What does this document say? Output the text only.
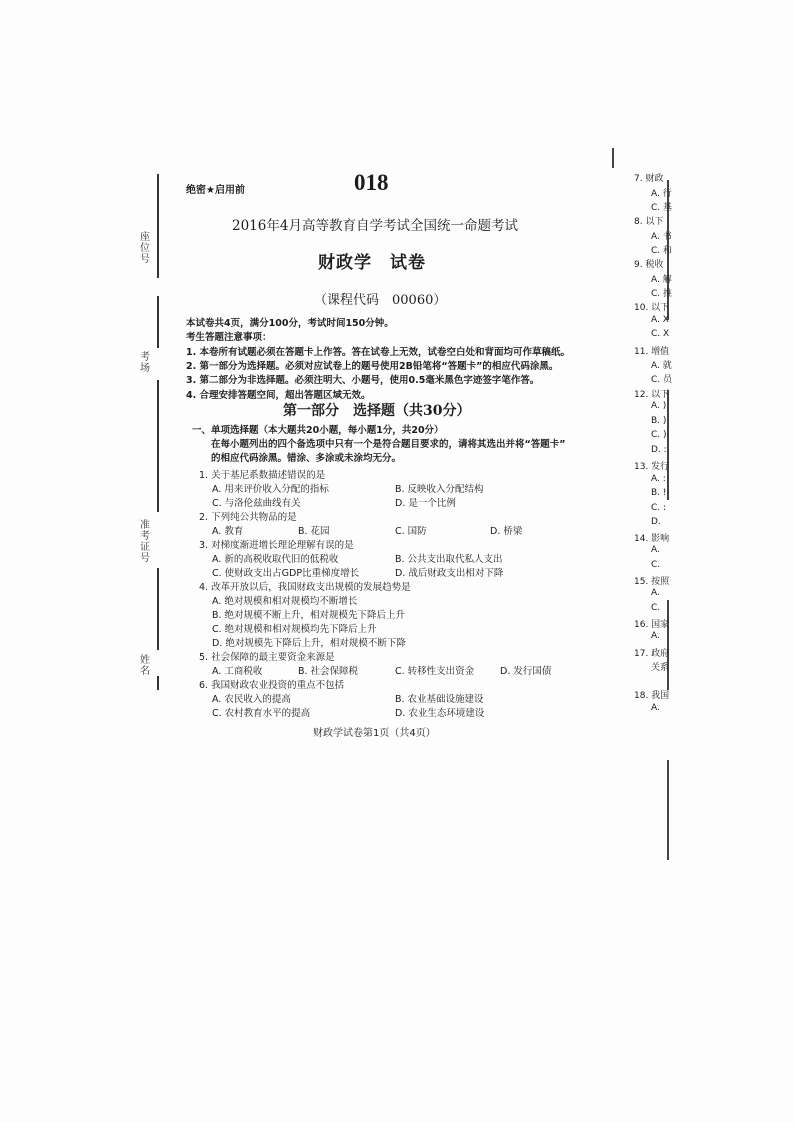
座位号
考场
准考证号
姓名
绝密★启用前	018
2016年4月高等教育自学考试全国统一命题考试
财政学　试卷
（课程代码　00060）
本试卷共4页，满分100分，考试时间150分钟。
考生答题注意事项：
1. 本卷所有试题必须在答题卡上作答。答在试卷上无效，试卷空白处和背面均可作草稿纸。
2. 第一部分为选择题。必须对应试卷上的题号使用2B铅笔将“答题卡”的相应代码涂黑。
3. 第二部分为非选择题。必须注明大、小题号，使用0.5毫米黑色字迹签字笔作答。
4. 合理安排答题空间，超出答题区域无效。
第一部分　选择题（共30分）
一、单项选择题（本大题共20小题，每小题1分，共20分）
在每小题列出的四个备选项中只有一个是符合题目要求的，请将其选出并将“答题卡”
的相应代码涂黑。错涂、多涂或未涂均无分。
1. 关于基尼系数描述错误的是
A. 用来评价收入分配的指标	B. 反映收入分配结构
C. 与洛伦兹曲线有关	D. 是一个比例
2. 下列纯公共物品的是
A. 教育	B. 花园	C. 国防	D. 桥梁
3. 对梯度渐进增长理论理解有误的是
A. 新的高税收取代旧的低税收	B. 公共支出取代私人支出
C. 使财政支出占GDP比重梯度增长	D. 战后财政支出相对下降
4. 改革开放以后，我国财政支出规模的发展趋势是
A. 绝对规模和相对规模均不断增长
B. 绝对规模不断上升，相对规模先下降后上升
C. 绝对规模和相对规模均先下降后上升
D. 绝对规模先下降后上升，相对规模不断下降
5. 社会保障的最主要资金来源是
A. 工商税收	B. 社会保障税	C. 转移性支出资金	D. 发行国债
6. 我国财政农业投资的重点不包括
A. 农民收入的提高	B. 农业基础设施建设
C. 农村教育水平的提高	D. 农业生态环境建设
财政学试卷第1页（共4页）
7. 财政
A. 行
C. 基
8. 以下
A. 书
C. 和
9. 税收
A. 解
C. 推
10. 以下
A. X
C. X
11. 增值
A. 就
C. 员
12. 以下
A. )
B. )
C. )
D. :
13. 发行
A. :
B. !
C. :
D.
14. 影响
A.
C.
15. 按照
A.
C.
16. 国家
A.
17. 政府
关系
18. 我国
A.
